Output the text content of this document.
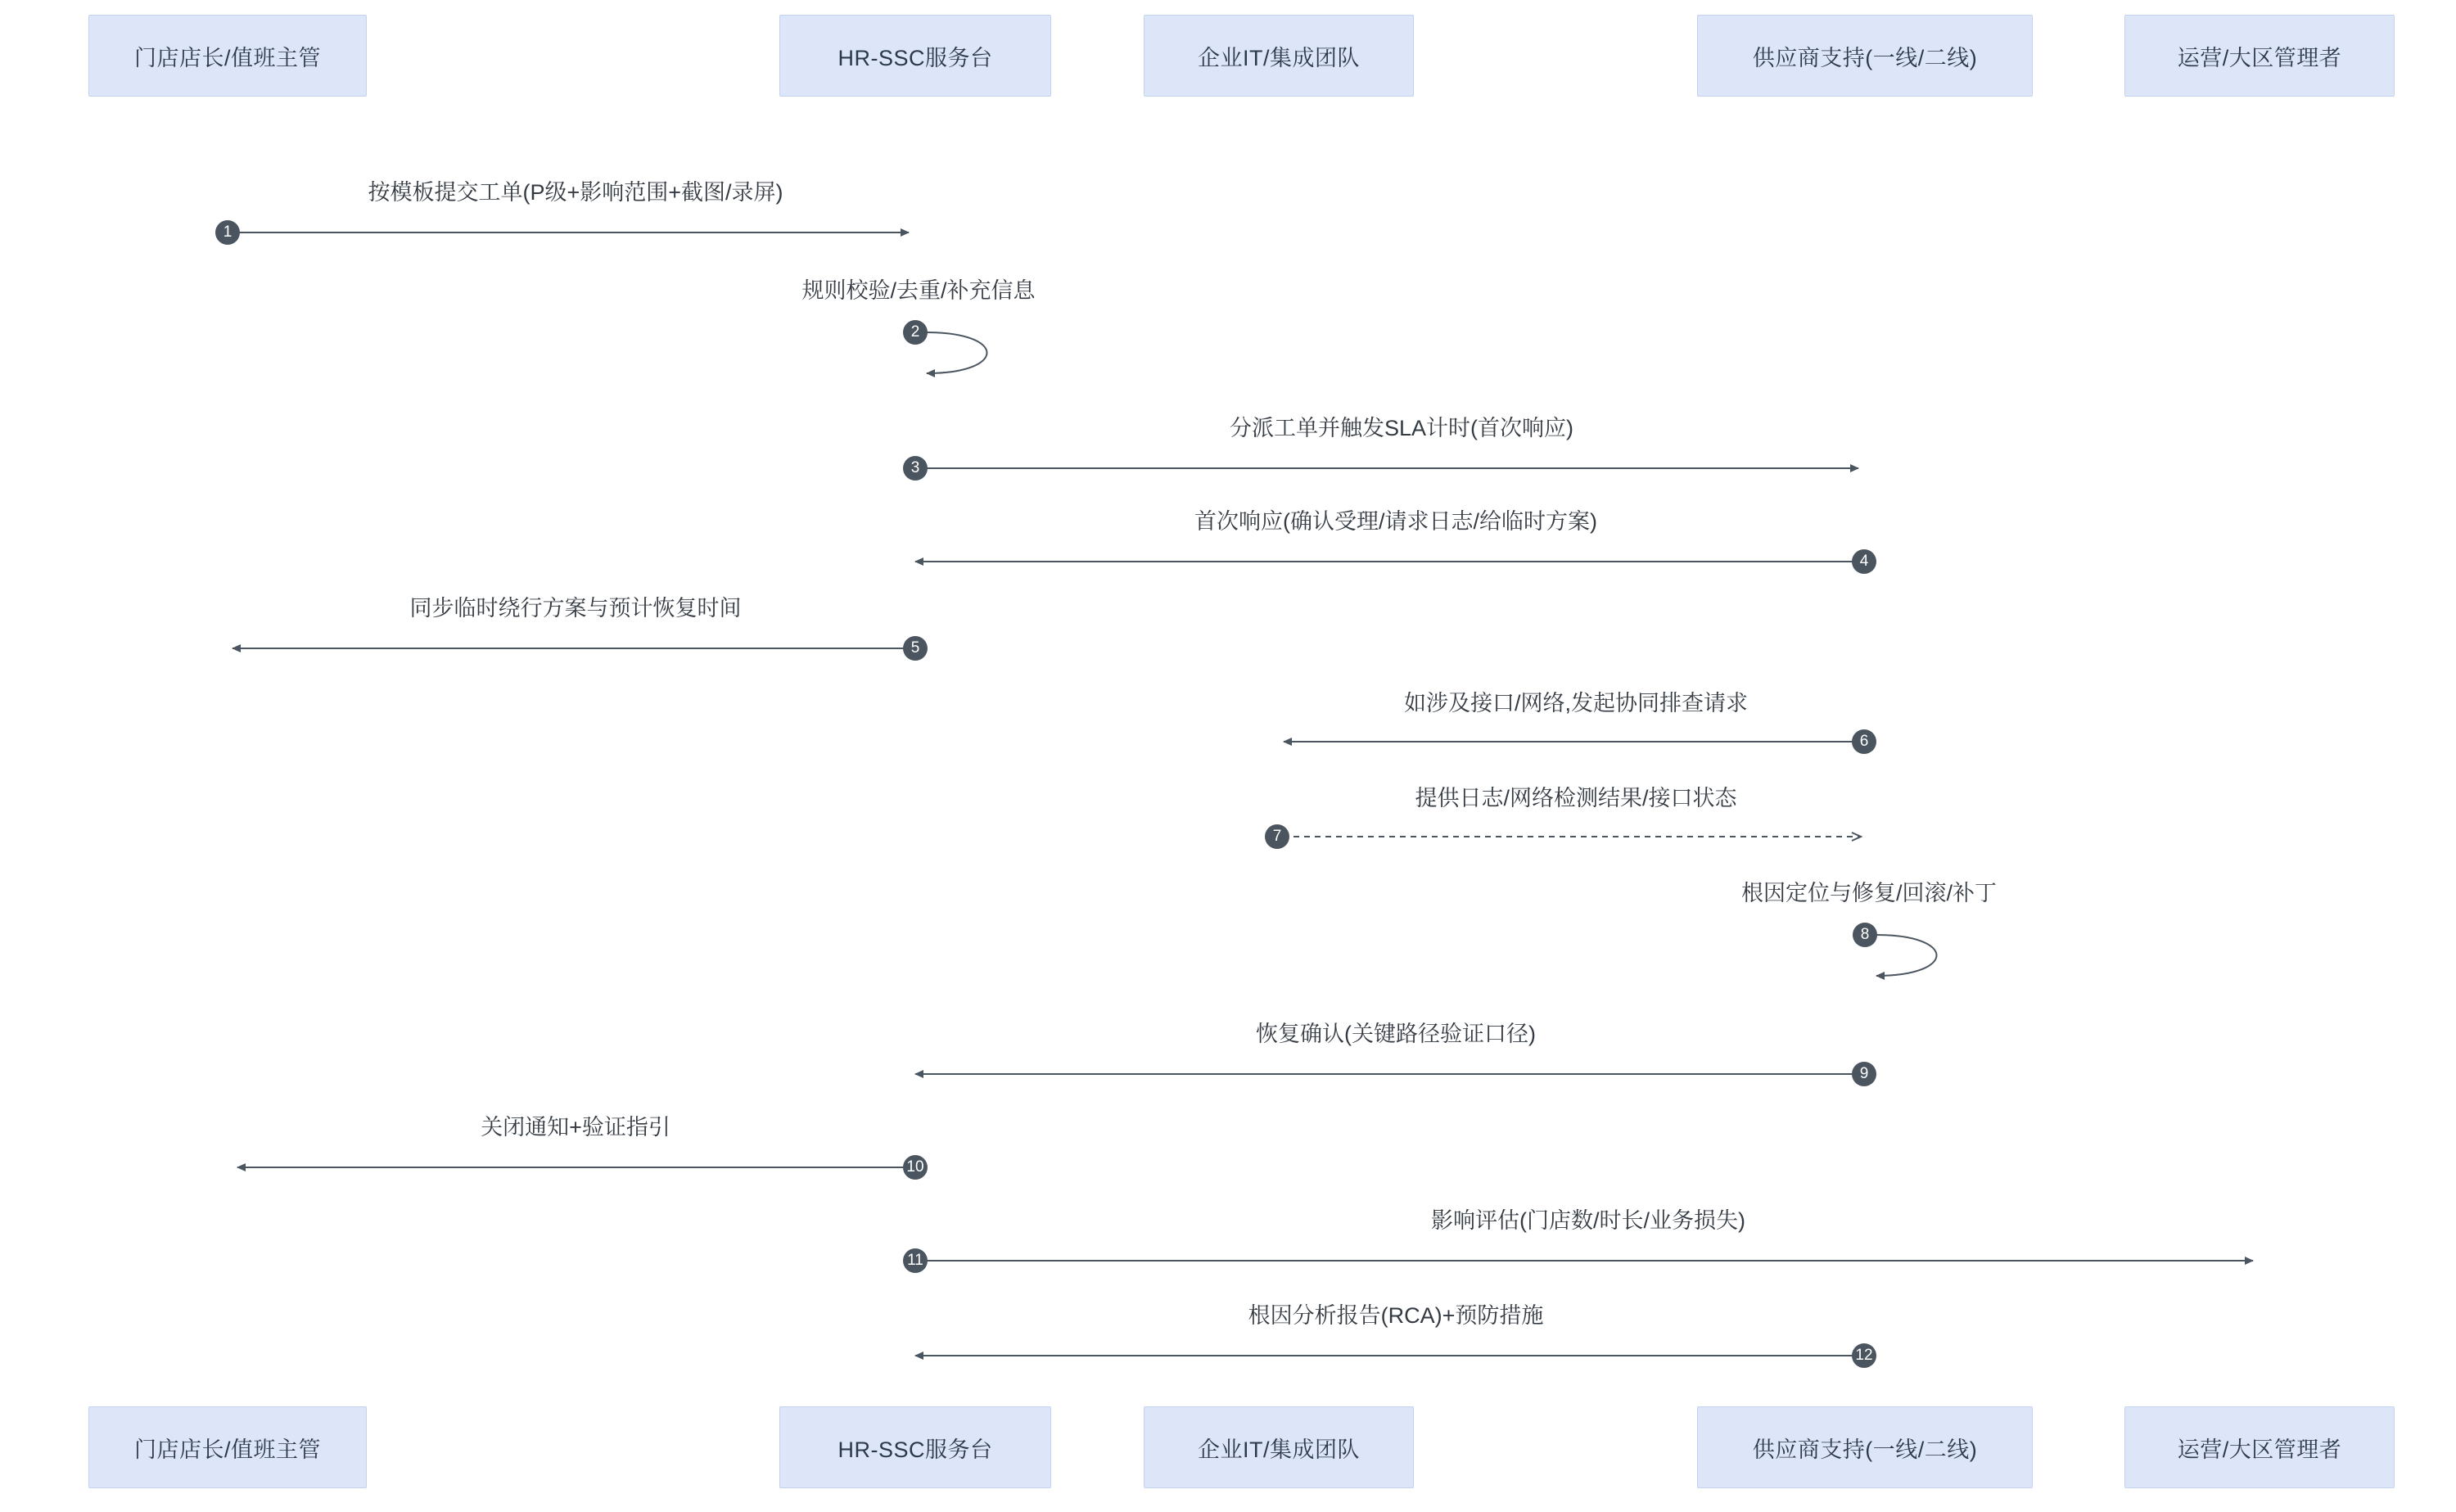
门店店长/值班主管	HR-SSC服务台	企业IT/集成团队	供应商支持(一线/二线)	运营/大区管理者
门店店长/值班主管	HR-SSC服务台	企业IT/集成团队	供应商支持(一线/二线)	运营/大区管理者
按模板提交工单(P级+影响范围+截图/录屏)
规则校验/去重/补充信息
分派工单并触发SLA计时(首次响应)
首次响应(确认受理/请求日志/给临时方案)
同步临时绕行方案与预计恢复时间
如涉及接口/网络,发起协同排查请求
提供日志/网络检测结果/接口状态
根因定位与修复/回滚/补丁
恢复确认(关键路径验证口径)
关闭通知+验证指引
影响评估(门店数/时长/业务损失)
根因分析报告(RCA)+预防措施
1
2
3
4
5
6
7
8
9
10
11
12
